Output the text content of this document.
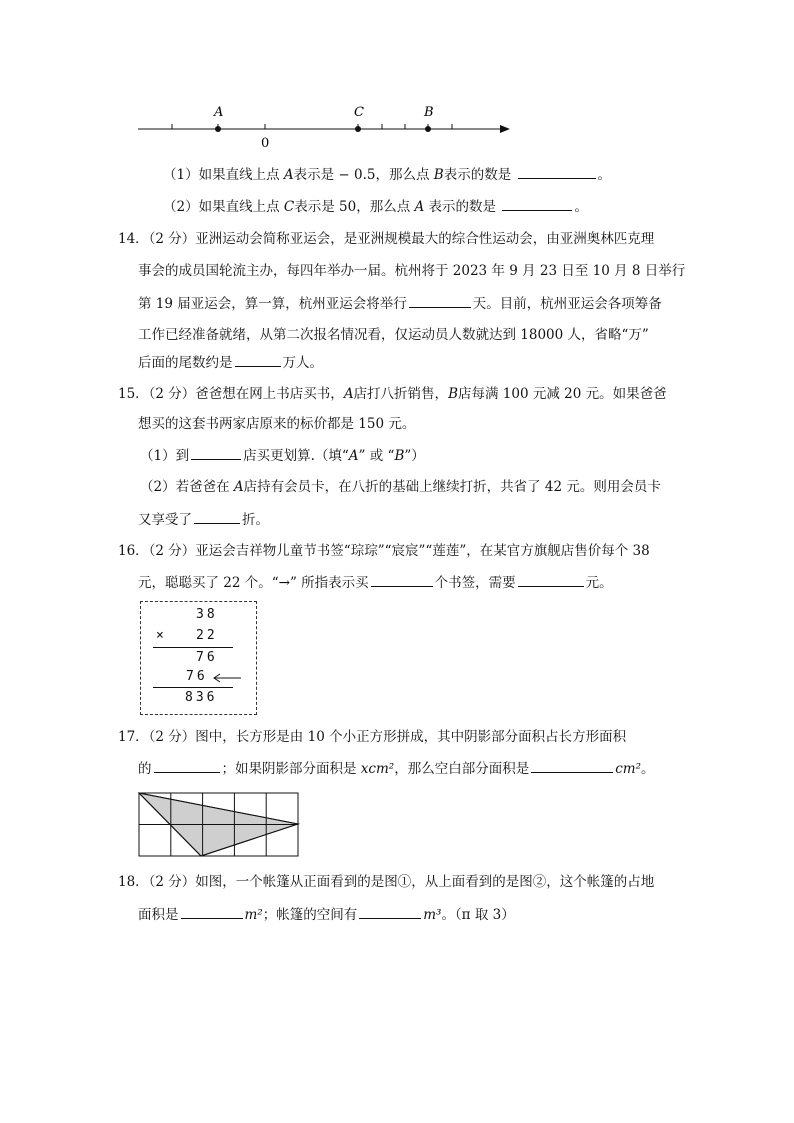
A	C	B
0
（1）如果直线上点 A表示是 − 0.5，那么点 B表示的数是	。
（2）如果直线上点 C表示是 50，那么点 A 表示的数是	。
14．（2 分）亚洲运动会简称亚运会，是亚洲规模最大的综合性运动会，由亚洲奥林匹克理
事会的成员国轮流主办，每四年举办一届。杭州将于 2023 年 9 月 23 日至 10 月 8 日举行
第 19 届亚运会，算一算，杭州亚运会将举行	天。目前，杭州亚运会各项筹备
工作已经准备就绪，从第二次报名情况看，仅运动员人数就达到 18000 人，省略“万”
后面的尾数约是	万人。
15．（2 分）爸爸想在网上书店买书，A店打八折销售，B店每满 100 元减 20 元。如果爸爸
想买的这套书两家店原来的标价都是 150 元。
（1）到	店买更划算.（填“A” 或 “B”）
（2）若爸爸在 A店持有会员卡，在八折的基础上继续打折，共省了 42 元。则用会员卡
又享受了	折。
16．（2 分）亚运会吉祥物儿童节书签“琮琮”“宸宸”“莲莲”，在某官方旗舰店售价每个 38
元，聪聪买了 22 个。“→” 所指表示买	个书签，需要	元。
38
× 22
76
76
836
17．（2 分）图中，长方形是由 10 个小正方形拼成，其中阴影部分面积占长方形面积
的	；如果阴影部分面积是 xcm²，那么空白部分面积是	cm²。
18．（2 分）如图，一个帐篷从正面看到的是图①，从上面看到的是图②，这个帐篷的占地
面积是	m²；帐篷的空间有	m³。（π 取 3）
